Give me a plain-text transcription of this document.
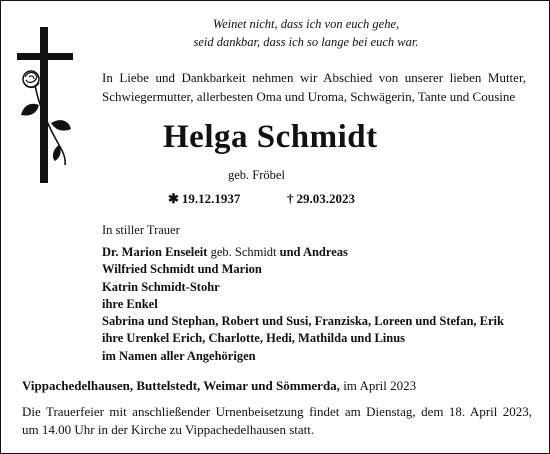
Weinet nicht, dass ich von euch gehe,
seid dankbar, dass ich so lange bei euch war.
In Liebe und Dankbarkeit nehmen wir Abschied von unserer lieben Mutter,
Schwiegermutter, allerbesten Oma und Uroma, Schwägerin, Tante und Cousine
Helga Schmidt
geb. Fröbel
✱ 19.12.1937	† 29.03.2023
In stiller Trauer
Dr. Marion Enseleit geb. Schmidt und Andreas
Wilfried Schmidt und Marion
Katrin Schmidt-Stohr
ihre Enkel
Sabrina und Stephan, Robert und Susi, Franziska, Loreen und Stefan, Erik
ihre Urenkel Erich, Charlotte, Hedi, Mathilda und Linus
im Namen aller Angehörigen
Vippachedelhausen, Buttelstedt, Weimar und Sömmerda, im April 2023
Die Trauerfeier mit anschließender Urnenbeisetzung findet am Dienstag, dem 18. April 2023,
um 14.00 Uhr in der Kirche zu Vippachedelhausen statt.
